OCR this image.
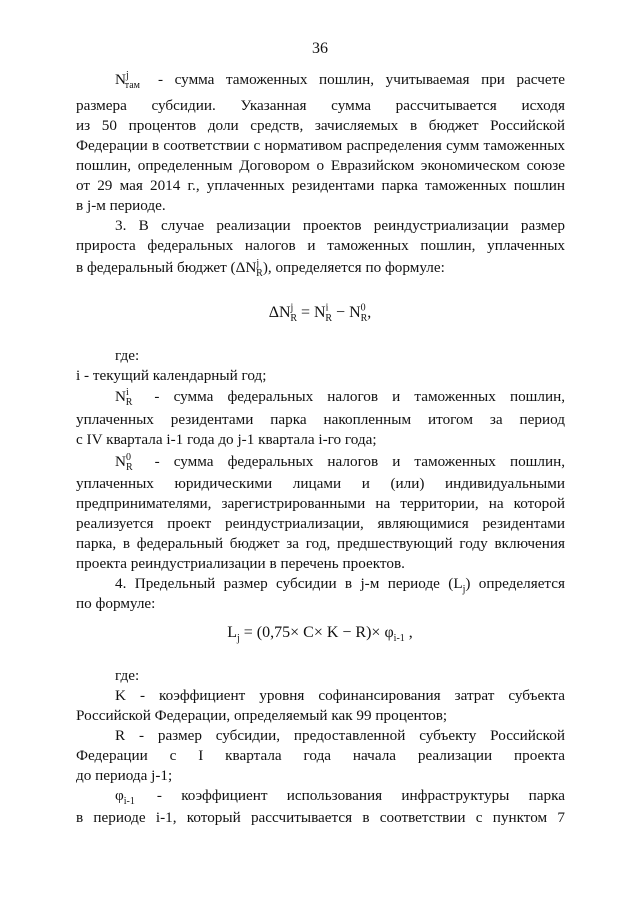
36
$N^j_{там}$	- сумма таможенных пошлин, учитываемая при расчете
размера субсидии. Указанная сумма рассчитывается исходя
из 50 процентов доли средств, зачисляемых в бюджет Российской
Федерации в соответствии с нормативом распределения сумм таможенных
пошлин, определенным Договором о Евразийском экономическом союзе
от 29 мая 2014 г., уплаченных резидентами парка таможенных пошлин
в j-м периоде.
3. В случае реализации проектов реиндустриализации размер
прироста федеральных налогов и таможенных пошлин, уплаченных
в федеральный бюджет $(\Delta N^j_R)$, определяется по формуле:
$\Delta N^j_R = N^i_R - N^0_R$,
где:
i - текущий календарный год;
$N^i_R$	- сумма федеральных налогов и таможенных пошлин,
уплаченных резидентами парка накопленным итогом за период
с IV квартала i-1 года до j-1 квартала i-го года;
$N^0_R$	- сумма федеральных налогов и таможенных пошлин,
уплаченных юридическими лицами и (или) индивидуальными
предпринимателями, зарегистрированными на территории, на которой
реализуется проект реиндустриализации, являющимися резидентами
парка, в федеральный бюджет за год, предшествующий году включения
проекта реиндустриализации в перечень проектов.
4. Предельный размер субсидии в j-м периоде $(L_j)$ определяется
по формуле:
$L_j = (0,75\times C\times K - R)\times \varphi_{i-1}$ ,
где:
K - коэффициент уровня софинансирования затрат субъекта
Российской Федерации, определяемый как 99 процентов;
R - размер субсидии, предоставленной субъекту Российской
Федерации с I квартала года начала реализации проекта
до периода j-1;
$\varphi_{i-1}$	- коэффициент использования инфраструктуры парка
в периоде i-1, который рассчитывается в соответствии с пунктом 7
